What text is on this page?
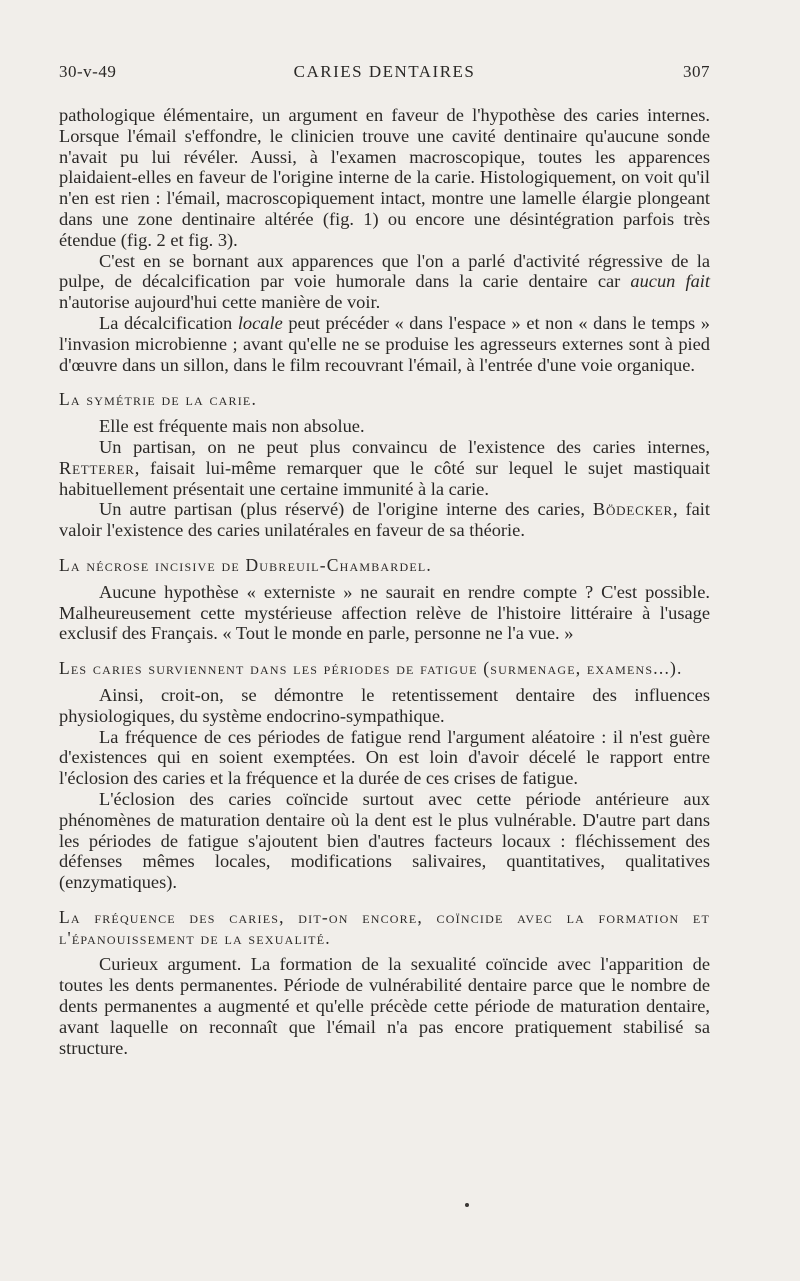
30-v-49	CARIES DENTAIRES	307

pathologique élémentaire, un argument en faveur de l'hypothèse des caries internes. Lorsque l'émail s'effondre, le clinicien trouve une cavité dentinaire qu'aucune sonde n'avait pu lui révéler. Aussi, à l'examen macroscopique, toutes les apparences plaidaient-elles en faveur de l'origine interne de la carie. Histologiquement, on voit qu'il n'en est rien : l'émail, macroscopiquement intact, montre une lamelle élargie plongeant dans une zone dentinaire altérée (fig. 1) ou encore une désintégration parfois très étendue (fig. 2 et fig. 3).

C'est en se bornant aux apparences que l'on a parlé d'activité régressive de la pulpe, de décalcification par voie humorale dans la carie dentaire car aucun fait n'autorise aujourd'hui cette manière de voir.

La décalcification locale peut précéder « dans l'espace » et non « dans le temps » l'invasion microbienne ; avant qu'elle ne se produise les agresseurs externes sont à pied d'œuvre dans un sillon, dans le film recouvrant l'émail, à l'entrée d'une voie organique.

La symétrie de la carie.

Elle est fréquente mais non absolue.

Un partisan, on ne peut plus convaincu de l'existence des caries internes, Retterer, faisait lui-même remarquer que le côté sur lequel le sujet mastiquait habituellement présentait une certaine immunité à la carie.

Un autre partisan (plus réservé) de l'origine interne des caries, Bödecker, fait valoir l'existence des caries unilatérales en faveur de sa théorie.

La nécrose incisive de Dubreuil-Chambardel.

Aucune hypothèse « externiste » ne saurait en rendre compte ? C'est possible. Malheureusement cette mystérieuse affection relève de l'histoire littéraire à l'usage exclusif des Français. « Tout le monde en parle, personne ne l'a vue. »

Les caries surviennent dans les périodes de fatigue (surmenage, examens...).

Ainsi, croit-on, se démontre le retentissement dentaire des influences physiologiques, du système endocrino-sympathique.

La fréquence de ces périodes de fatigue rend l'argument aléatoire : il n'est guère d'existences qui en soient exemptées. On est loin d'avoir décelé le rapport entre l'éclosion des caries et la fréquence et la durée de ces crises de fatigue.

L'éclosion des caries coïncide surtout avec cette période antérieure aux phénomènes de maturation dentaire où la dent est le plus vulnérable. D'autre part dans les périodes de fatigue s'ajoutent bien d'autres facteurs locaux : fléchissement des défenses mêmes locales, modifications salivaires, quantitatives, qualitatives (enzymatiques).

La fréquence des caries, dit-on encore, coïncide avec la formation et l'épanouissement de la sexualité.

Curieux argument. La formation de la sexualité coïncide avec l'apparition de toutes les dents permanentes. Période de vulnérabilité dentaire parce que le nombre de dents permanentes a augmenté et qu'elle précède cette période de maturation dentaire, avant laquelle on reconnaît que l'émail n'a pas encore pratiquement stabilisé sa structure.
